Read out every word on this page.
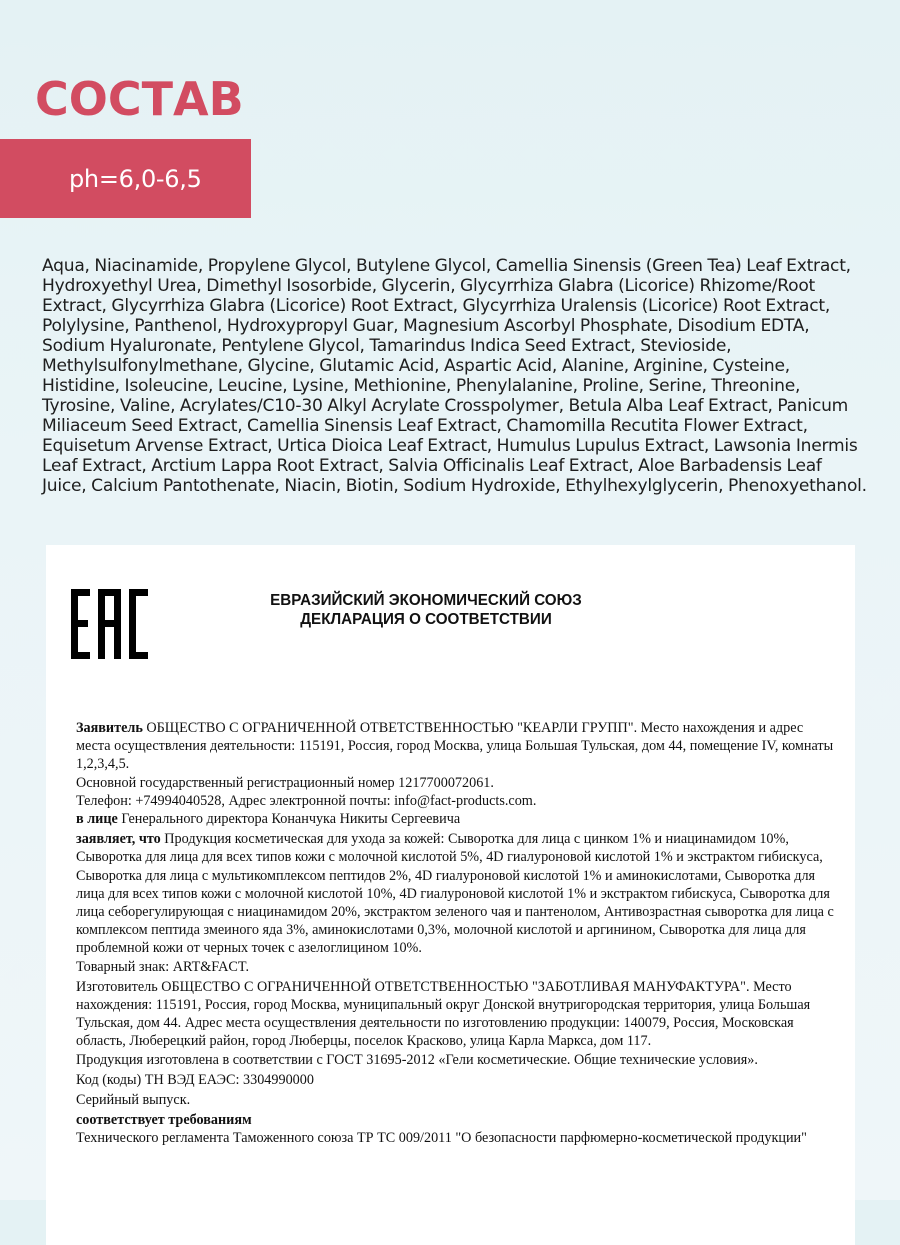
СОСТАВ
ph=6,0-6,5
Aqua, Niacinamide, Propylene Glycol, Butylene Glycol, Camellia Sinensis (Green Tea) Leaf Extract, Hydroxyethyl Urea, Dimethyl Isosorbide, Glycerin, Glycyrrhiza Glabra (Licorice) Rhizome/Root Extract, Glycyrrhiza Glabra (Licorice) Root Extract, Glycyrrhiza Uralensis (Licorice) Root Extract, Polylysine, Panthenol, Hydroxypropyl Guar, Magnesium Ascorbyl Phosphate, Disodium EDTA, Sodium Hyaluronate, Pentylene Glycol, Tamarindus Indica Seed Extract, Stevioside, Methylsulfonylmethane, Glycine, Glutamic Acid, Aspartic Acid, Alanine, Arginine, Cysteine, Histidine, Isoleucine, Leucine, Lysine, Methionine, Phenylalanine, Proline, Serine, Threonine, Tyrosine, Valine, Acrylates/C10-30 Alkyl Acrylate Crosspolymer, Betula Alba Leaf Extract, Panicum Miliaceum Seed Extract, Camellia Sinensis Leaf Extract, Chamomilla Recutita Flower Extract, Equisetum Arvense Extract, Urtica Dioica Leaf Extract, Humulus Lupulus Extract, Lawsonia Inermis Leaf Extract, Arctium Lappa Root Extract, Salvia Officinalis Leaf Extract, Aloe Barbadensis Leaf Juice, Calcium Pantothenate, Niacin, Biotin, Sodium Hydroxide, Ethylhexylglycerin, Phenoxyethanol.
ЕВРАЗИЙСКИЙ ЭКОНОМИЧЕСКИЙ СОЮЗ
ДЕКЛАРАЦИЯ О СООТВЕТСТВИИ

Заявитель ОБЩЕСТВО С ОГРАНИЧЕННОЙ ОТВЕТСТВЕННОСТЬЮ "КЕАРЛИ ГРУПП". Место нахождения и адрес места осуществления деятельности: 115191, Россия, город Москва, улица Большая Тульская, дом 44, помещение IV, комнаты 1,2,3,4,5.

Основной государственный регистрационный номер 1217700072061.

Телефон: +74994040528, Адрес электронной почты: info@fact-products.com.

в лице Генерального директора Конанчука Никиты Сергеевича

заявляет, что Продукция косметическая для ухода за кожей: Сыворотка для лица с цинком 1% и ниацинамидом 10%, Сыворотка для лица для всех типов кожи с молочной кислотой 5%, 4D гиалуроновой кислотой 1% и экстрактом гибискуса, Сыворотка для лица с мультикомплексом пептидов 2%, 4D гиалуроновой кислотой 1% и аминокислотами, Сыворотка для лица для всех типов кожи с молочной кислотой 10%, 4D гиалуроновой кислотой 1% и экстрактом гибискуса, Сыворотка для лица себорегулирующая с ниацинамидом 20%, экстрактом зеленого чая и пантенолом, Антивозрастная сыворотка для лица с комплексом пептида змеиного яда 3%, аминокислотами 0,3%, молочной кислотой и аргинином, Сыворотка для лица для проблемной кожи от черных точек с азелоглицином 10%.

Товарный знак: ART&FACT.

Изготовитель ОБЩЕСТВО С ОГРАНИЧЕННОЙ ОТВЕТСТВЕННОСТЬЮ "ЗАБОТЛИВАЯ МАНУФАКТУРА". Место нахождения: 115191, Россия, город Москва, муниципальный округ Донской внутригородская территория, улица Большая Тульская, дом 44. Адрес места осуществления деятельности по изготовлению продукции: 140079, Россия, Московская область, Люберецкий район, город Люберцы, поселок Красково, улица Карла Маркса, дом 117.

Продукция изготовлена в соответствии с ГОСТ 31695-2012 «Гели косметические. Общие технические условия».

Код (коды) ТН ВЭД ЕАЭС: 3304990000

Серийный выпуск.

соответствует требованиям

Технического регламента Таможенного союза ТР ТС 009/2011 "О безопасности парфюмерно-косметической продукции"
